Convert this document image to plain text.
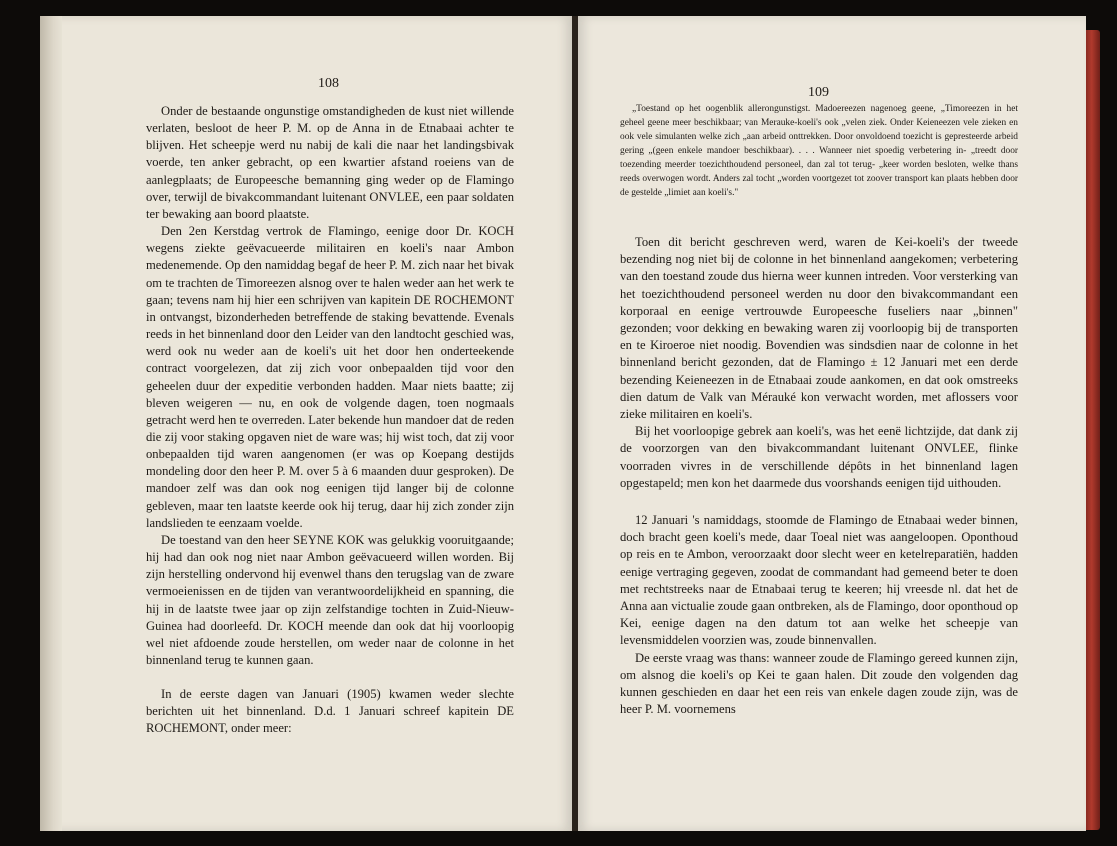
108
109

Onder de bestaande ongunstige omstandigheden de kust niet willende verlaten, besloot de heer P. M. op de Anna in de Etnabaai achter te blijven. Het scheepje werd nu nabij de kali die naar het landingsbivak voerde, ten anker gebracht, op een kwartier afstand roeiens van de aanlegplaats; de Europeesche bemanning ging weder op de Flamingo over, terwijl de bivakcommandant luitenant ONVLEE, een paar soldaten ter bewaking aan boord plaatste.

Den 2en Kerstdag vertrok de Flamingo, eenige door Dr. KOCH wegens ziekte geëvacueerde militairen en koeli's naar Ambon medenemende. Op den namiddag begaf de heer P. M. zich naar het bivak om te trachten de Timoreezen alsnog over te halen weder aan het werk te gaan; tevens nam hij hier een schrijven van kapitein DE ROCHEMONT in ontvangst, bizonderheden betreffende de staking bevattende. Evenals reeds in het binnenland door den Leider van den landtocht geschied was, werd ook nu weder aan de koeli's uit het door hen onderteekende contract voorgelezen, dat zij zich voor onbepaalden tijd voor den geheelen duur der expeditie verbonden hadden. Maar niets baatte; zij bleven weigeren — nu, en ook de volgende dagen, toen nogmaals getracht werd hen te overreden. Later bekende hun mandoer dat de reden die zij voor staking opgaven niet de ware was; hij wist toch, dat zij voor onbepaalden tijd waren aangenomen (er was op Koepang destijds mondeling door den heer P. M. over 5 à 6 maanden duur gesproken). De mandoer zelf was dan ook nog eenigen tijd langer bij de colonne gebleven, maar ten laatste keerde ook hij terug, daar hij zich zonder zijn landslieden te eenzaam voelde.

De toestand van den heer SEYNE KOK was gelukkig vooruitgaande; hij had dan ook nog niet naar Ambon geëvacueerd willen worden. Bij zijn herstelling ondervond hij evenwel thans den terugslag van de zware vermoeienissen en de tijden van verantwoordelijkheid en spanning, die hij in de laatste twee jaar op zijn zelfstandige tochten in Zuid-Nieuw-Guinea had doorleefd. Dr. KOCH meende dan ook dat hij voorloopig wel niet afdoende zoude herstellen, om weder naar de colonne in het binnenland terug te kunnen gaan.

In de eerste dagen van Januari (1905) kwamen weder slechte berichten uit het binnenland. D.d. 1 Januari schreef kapitein DE ROCHEMONT, onder meer:

„Toestand op het oogenblik allerongunstigst. Madoereezen nagenoeg geene, „Timoreezen in het geheel geene meer beschikbaar; van Merauke-koeli's ook „velen ziek. Onder Keieneezen vele zieken en ook vele simulanten welke zich „aan arbeid onttrekken. Door onvoldoend toezicht is gepresteerde arbeid gering „(geen enkele mandoer beschikbaar). . . . Wanneer niet spoedig verbetering in- „treedt door toezending meerder toezichthoudend personeel, dan zal tot terug- „keer worden besloten, welke thans reeds overwogen wordt. Anders zal tocht „worden voortgezet tot zoover transport kan plaats hebben door de gestelde „limiet aan koeli's."

Toen dit bericht geschreven werd, waren de Kei-koeli's der tweede bezending nog niet bij de colonne in het binnenland aangekomen; verbetering van den toestand zoude dus hierna weer kunnen intreden. Voor versterking van het toezichthoudend personeel werden nu door den bivakcommandant een korporaal en eenige vertrouwde Europeesche fuseliers naar „binnen" gezonden; voor dekking en bewaking waren zij voorloopig bij de transporten en te Kiroeroe niet noodig. Bovendien was sindsdien naar de colonne in het binnenland bericht gezonden, dat de Flamingo ± 12 Januari met een derde bezending Keieneezen in de Etnabaai zoude aankomen, en dat ook omstreeks dien datum de Valk van Mérauké kon verwacht worden, met aflossers voor zieke militairen en koeli's.

Bij het voorloopige gebrek aan koeli's, was het eenë lichtzijde, dat dank zij de voorzorgen van den bivakcommandant luitenant ONVLEE, flinke voorraden vivres in de verschillende dépôts in het binnenland lagen opgestapeld; men kon het daarmede dus voorshands eenigen tijd uithouden.

12 Januari 's namiddags, stoomde de Flamingo de Etnabaai weder binnen, doch bracht geen koeli's mede, daar Toeal niet was aangeloopen. Oponthoud op reis en te Ambon, veroorzaakt door slecht weer en ketelreparatiën, hadden eenige vertraging gegeven, zoodat de commandant had gemeend beter te doen met rechtstreeks naar de Etnabaai terug te keeren; hij vreesde nl. dat het de Anna aan victualie zoude gaan ontbreken, als de Flamingo, door oponthoud op Kei, eenige dagen na den datum tot aan welke het scheepje van levensmiddelen voorzien was, zoude binnenvallen.

De eerste vraag was thans: wanneer zoude de Flamingo gereed kunnen zijn, om alsnog die koeli's op Kei te gaan halen. Dit zoude den volgenden dag kunnen geschieden en daar het een reis van enkele dagen zoude zijn, was de heer P. M. voornemens
